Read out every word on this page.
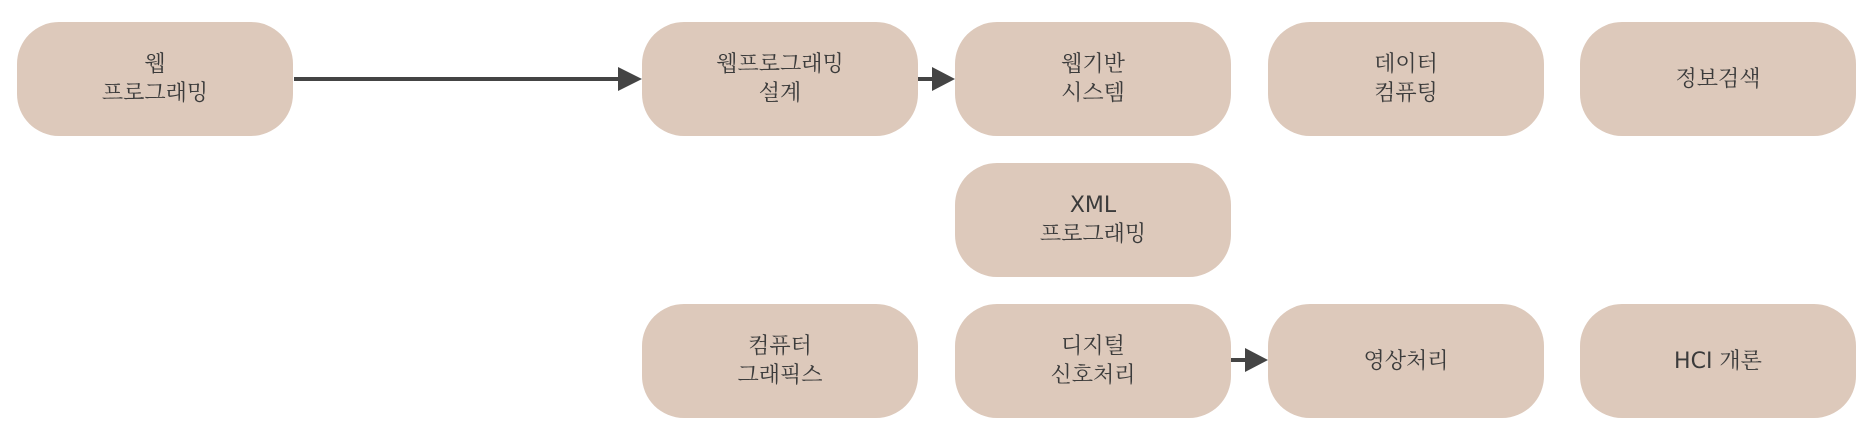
웹
프로그래밍
웹프로그래밍
설계
웹기반
시스템
데이터
컴퓨팅
정보검색
XML
프로그래밍
컴퓨터
그래픽스
디지털
신호처리
영상처리	HCI 개론
